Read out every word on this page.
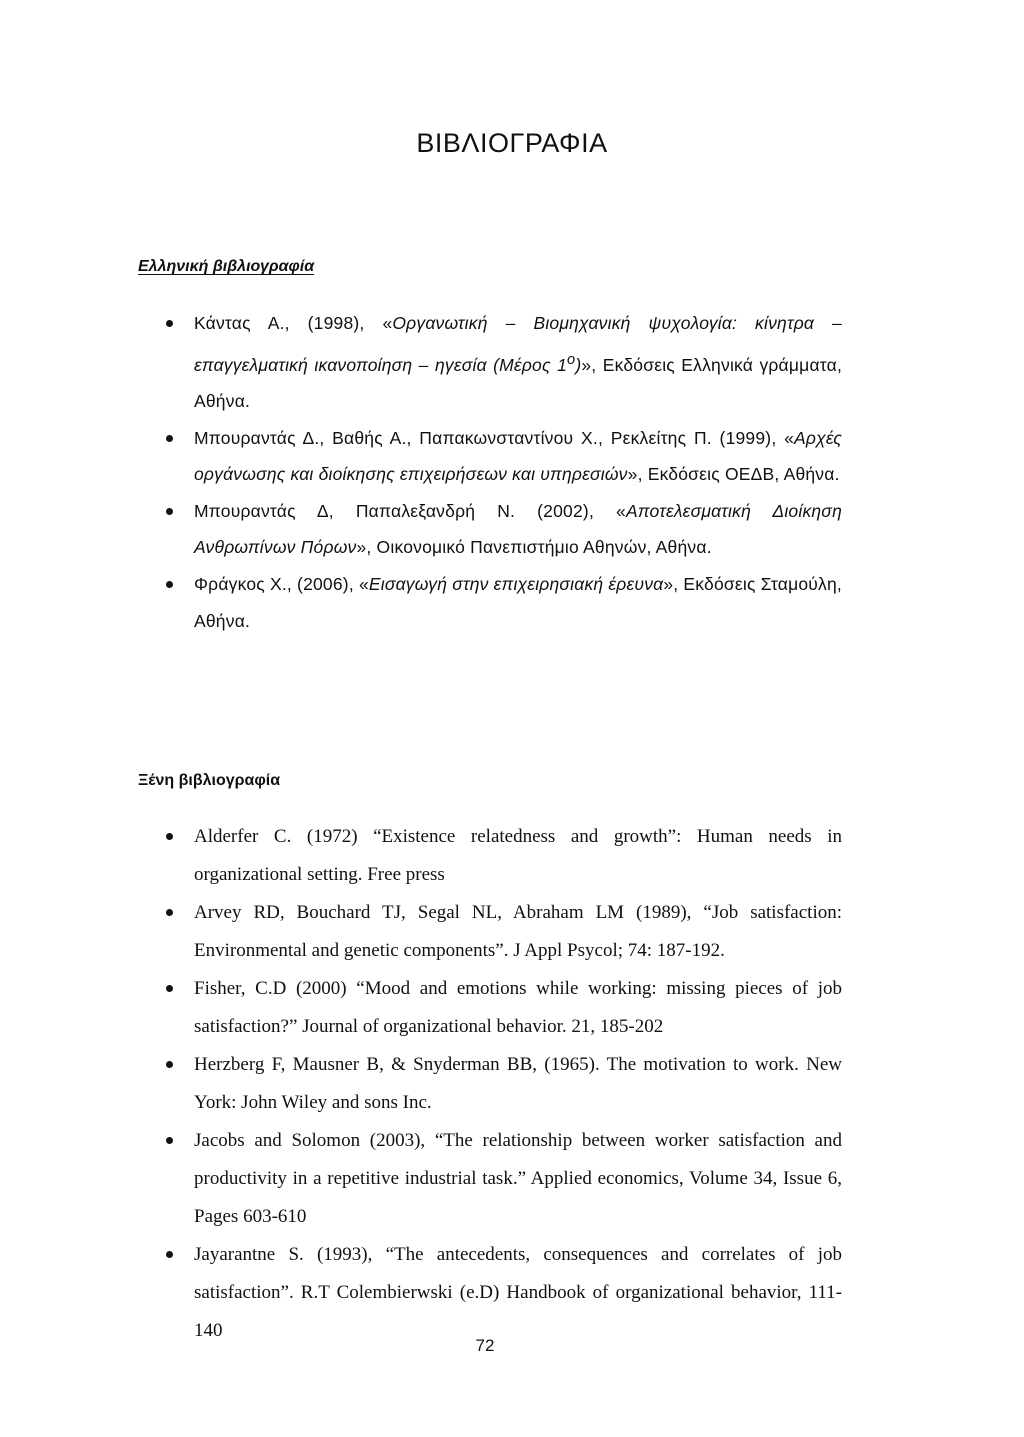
ΒΙΒΛΙΟΓΡΑΦΙΑ
Ελληνική βιβλιογραφία
Κάντας Α., (1998), «Οργανωτική – Βιομηχανική ψυχολογία: κίνητρα – επαγγελματική ικανοποίηση – ηγεσία (Μέρος $1^o$)», Εκδόσεις Ελληνικά γράμματα, Αθήνα.
Μπουραντάς Δ., Βαθής Α., Παπακωνσταντίνου Χ., Ρεκλείτης Π. (1999), «Αρχές οργάνωσης και διοίκησης επιχειρήσεων και υπηρεσιών», Εκδόσεις ΟΕΔΒ, Αθήνα.
Μπουραντάς Δ, Παπαλεξανδρή Ν. (2002), «Αποτελεσματική Διοίκηση Ανθρωπίνων Πόρων», Οικονομικό Πανεπιστήμιο Αθηνών, Αθήνα.
Φράγκος Χ., (2006), «Εισαγωγή στην επιχειρησιακή έρευνα», Εκδόσεις Σταμούλη, Αθήνα.
Ξένη βιβλιογραφία
Alderfer C. (1972) “Existence relatedness and growth”: Human needs in organizational setting. Free press
Arvey RD, Bouchard TJ, Segal NL, Abraham LM (1989), “Job satisfaction: Environmental and genetic components”. J Appl Psycol; 74: 187-192.
Fisher, C.D (2000) “Mood and emotions while working: missing pieces of job satisfaction?” Journal of organizational behavior. 21, 185-202
Herzberg F, Mausner B, & Snyderman BB, (1965). The motivation to work. New York: John Wiley and sons Inc.
Jacobs and Solomon (2003), “The relationship between worker satisfaction and productivity in a repetitive industrial task.” Applied economics, Volume 34, Issue 6, Pages 603-610
Jayarantne S. (1993), “The antecedents, consequences and correlates of job satisfaction”. R.T Colembierwski (e.D) Handbook of organizational behavior, 111-140
72
